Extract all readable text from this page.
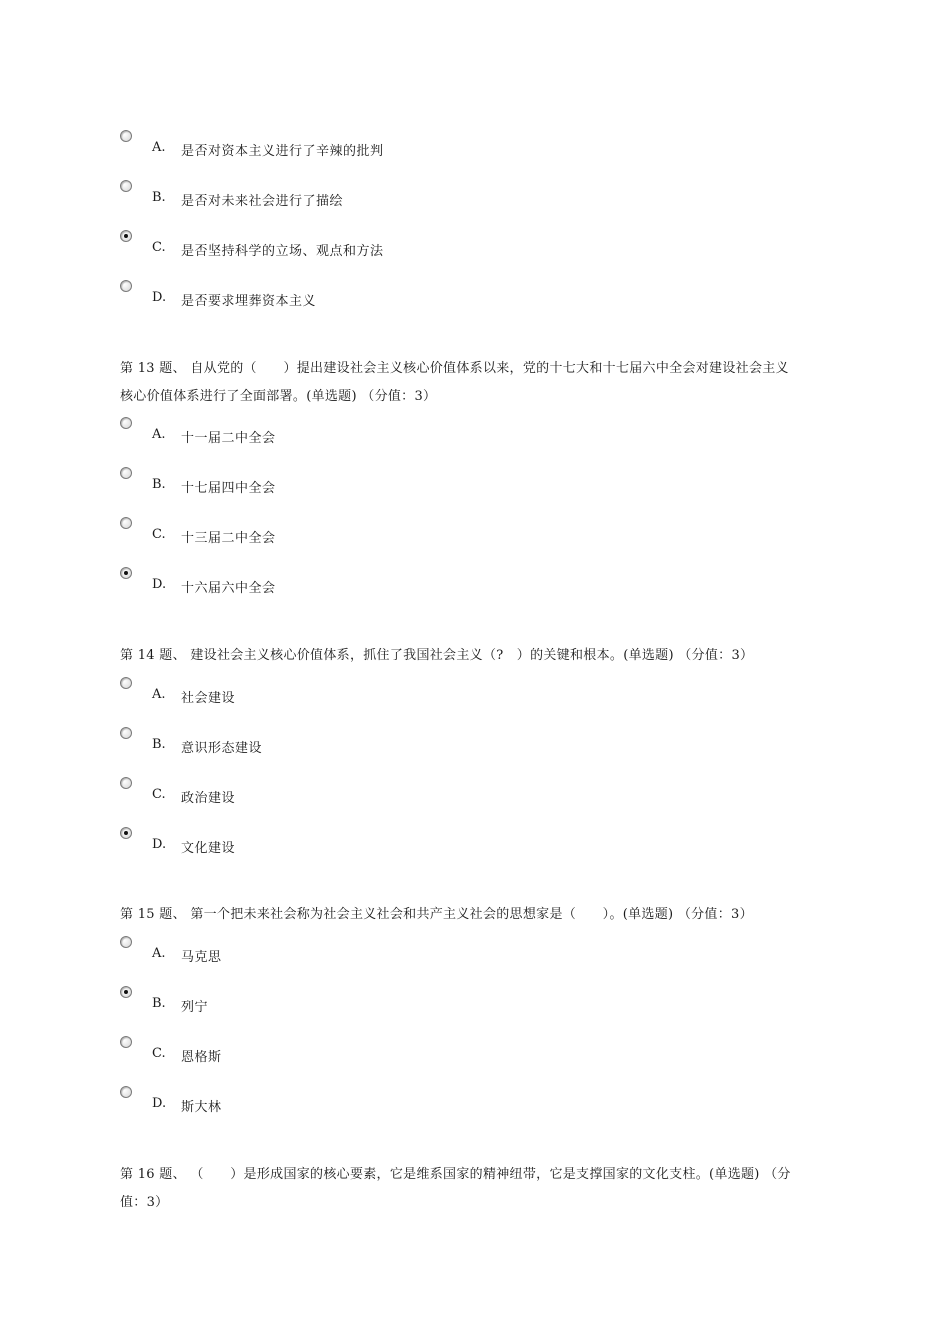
A. 是否对资本主义进行了辛辣的批判
B. 是否对未来社会进行了描绘
C. 是否坚持科学的立场、观点和方法
D. 是否要求埋葬资本主义

第 13 题、 自从党的（　　）提出建设社会主义核心价值体系以来，党的十七大和十七届六中全会对建设社会主义
核心价值体系进行了全面部署。(单选题) （分值：3）

A. 十一届二中全会
B. 十七届四中全会
C. 十三届二中全会
D. 十六届六中全会

第 14 题、 建设社会主义核心价值体系，抓住了我国社会主义（?　）的关键和根本。(单选题) （分值：3）

A. 社会建设
B. 意识形态建设
C. 政治建设
D. 文化建设

第 15 题、 第一个把未来社会称为社会主义社会和共产主义社会的思想家是（　　）。(单选题) （分值：3）

A. 马克思
B. 列宁
C. 恩格斯
D. 斯大林

第 16 题、 （　　）是形成国家的核心要素，它是维系国家的精神纽带，它是支撑国家的文化支柱。(单选题) （分
值：3）
